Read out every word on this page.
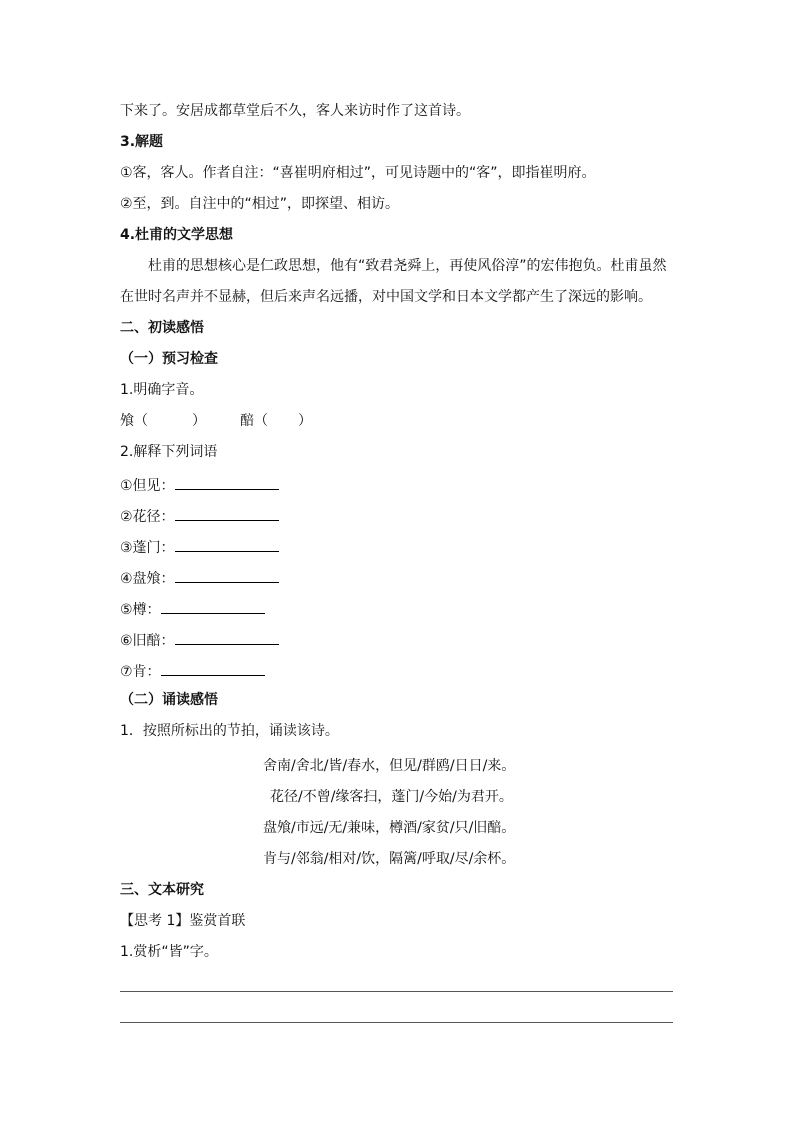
下来了。安居成都草堂后不久，客人来访时作了这首诗。
3.解题
①客，客人。作者自注：“喜崔明府相过”，可见诗题中的“客”，即指崔明府。
②至，到。自注中的“相过”，即探望、相访。
4.杜甫的文学思想
杜甫的思想核心是仁政思想，他有“致君尧舜上，再使风俗淳”的宏伟抱负。杜甫虽然
在世时名声并不显赫，但后来声名远播，对中国文学和日本文学都产生了深远的影响。
二、初读感悟
（一）预习检查
1.明确字音。
飧（	） 醅（ ）
2.解释下列词语
①但见：
②花径：
③蓬门：
④盘飧：
⑤樽：
⑥旧醅：
⑦肯：
（二）诵读感悟
1．按照所标出的节拍，诵读该诗。
舍南/舍北/皆/春水，但见/群鸥/日日/来。
花径/不曾/缘客扫，蓬门/今始/为君开。
盘飧/市远/无/兼味，樽酒/家贫/只/旧醅。
肯与/邻翁/相对/饮，隔篱/呼取/尽/余杯。
三、文本研究
【思考 1】鉴赏首联
1.赏析“皆”字。
